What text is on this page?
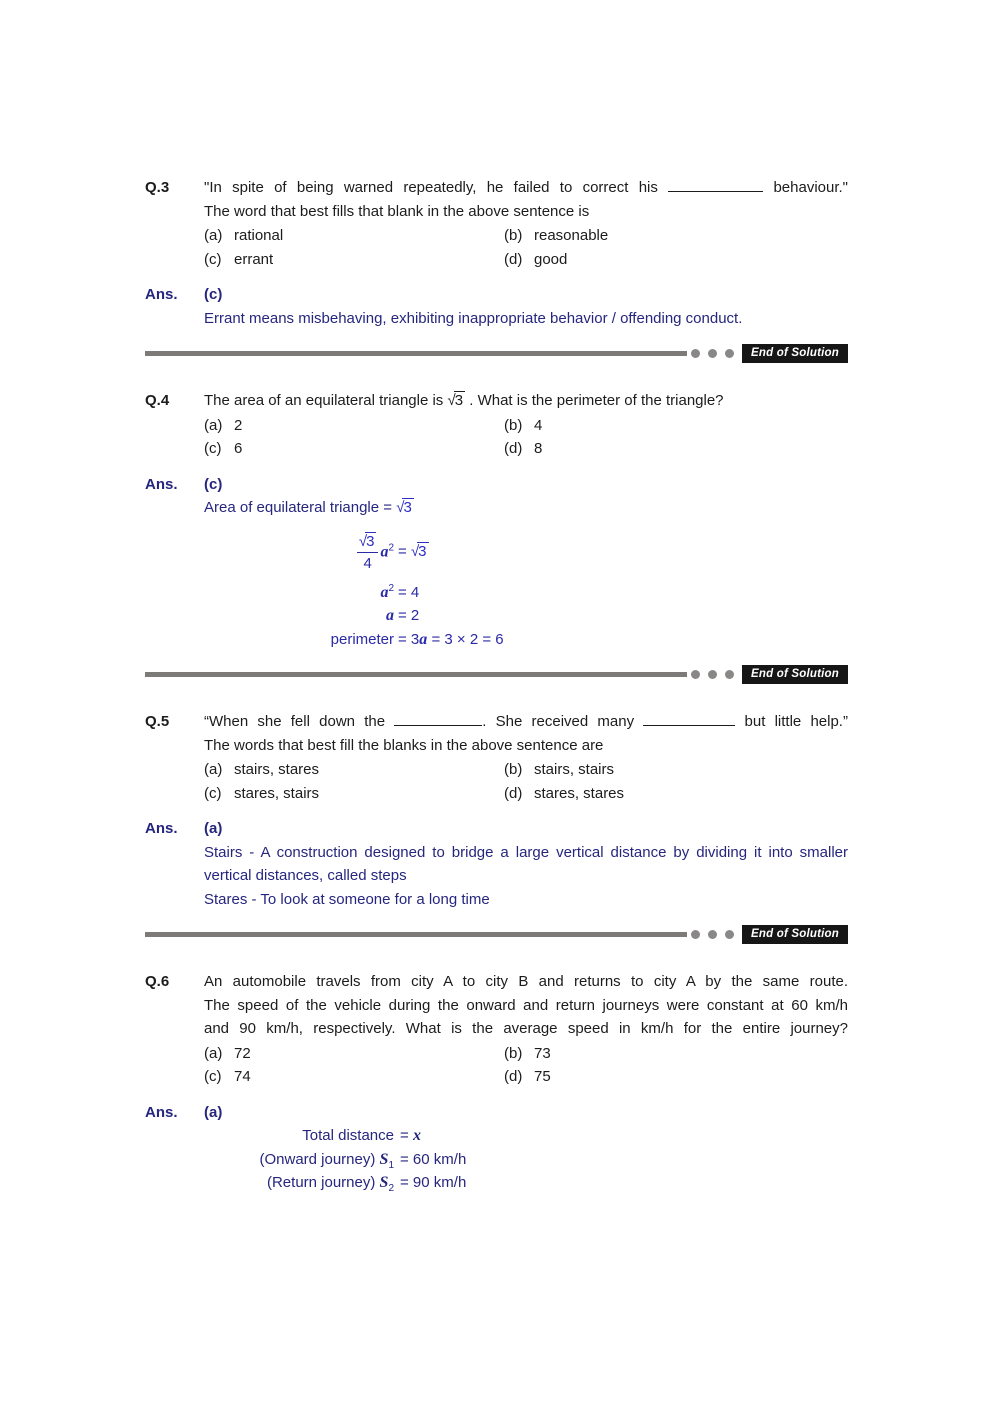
Q.3	"In spite of being warned repeatedly, he failed to correct his	behaviour."
The word that best fills that blank in the above sentence is
(a) rational	(b) reasonable
(c) errant	(d) good
Ans.	(c)
Errant means misbehaving, exhibiting inappropriate behavior / offending conduct.
End of Solution
Q.4	The area of an equilateral triangle is √3 . What is the perimeter of the triangle?
(a) 2	(b) 4
(c) 6	(d) 8
Ans.	(c)
Area of equilateral triangle = √3
$\frac{√3}{4} a^2 = √3$
$a^2 = 4$
a = 2
perimeter = 3a = 3 × 2 = 6
End of Solution
Q.5	“When she fell down the	. She received many	but little help.”
The words that best fill the blanks in the above sentence are
(a) stairs, stares	(b) stairs, stairs
(c) stares, stairs	(d) stares, stares
Ans.	(a)
Stairs - A construction designed to bridge a large vertical distance by dividing it into smaller vertical distances, called steps
Stares - To look at someone for a long time
End of Solution
Q.6	An automobile travels from city A to city B and returns to city A by the same route.
The speed of the vehicle during the onward and return journeys were constant at 60 km/h
and 90 km/h, respectively. What is the average speed in km/h for the entire journey?
(a) 72	(b) 73
(c) 74	(d) 75
Ans.	(a)
Total distance = x
(Onward journey) $S_1 = 60$ km/h
(Return journey) $S_2 = 90$ km/h
